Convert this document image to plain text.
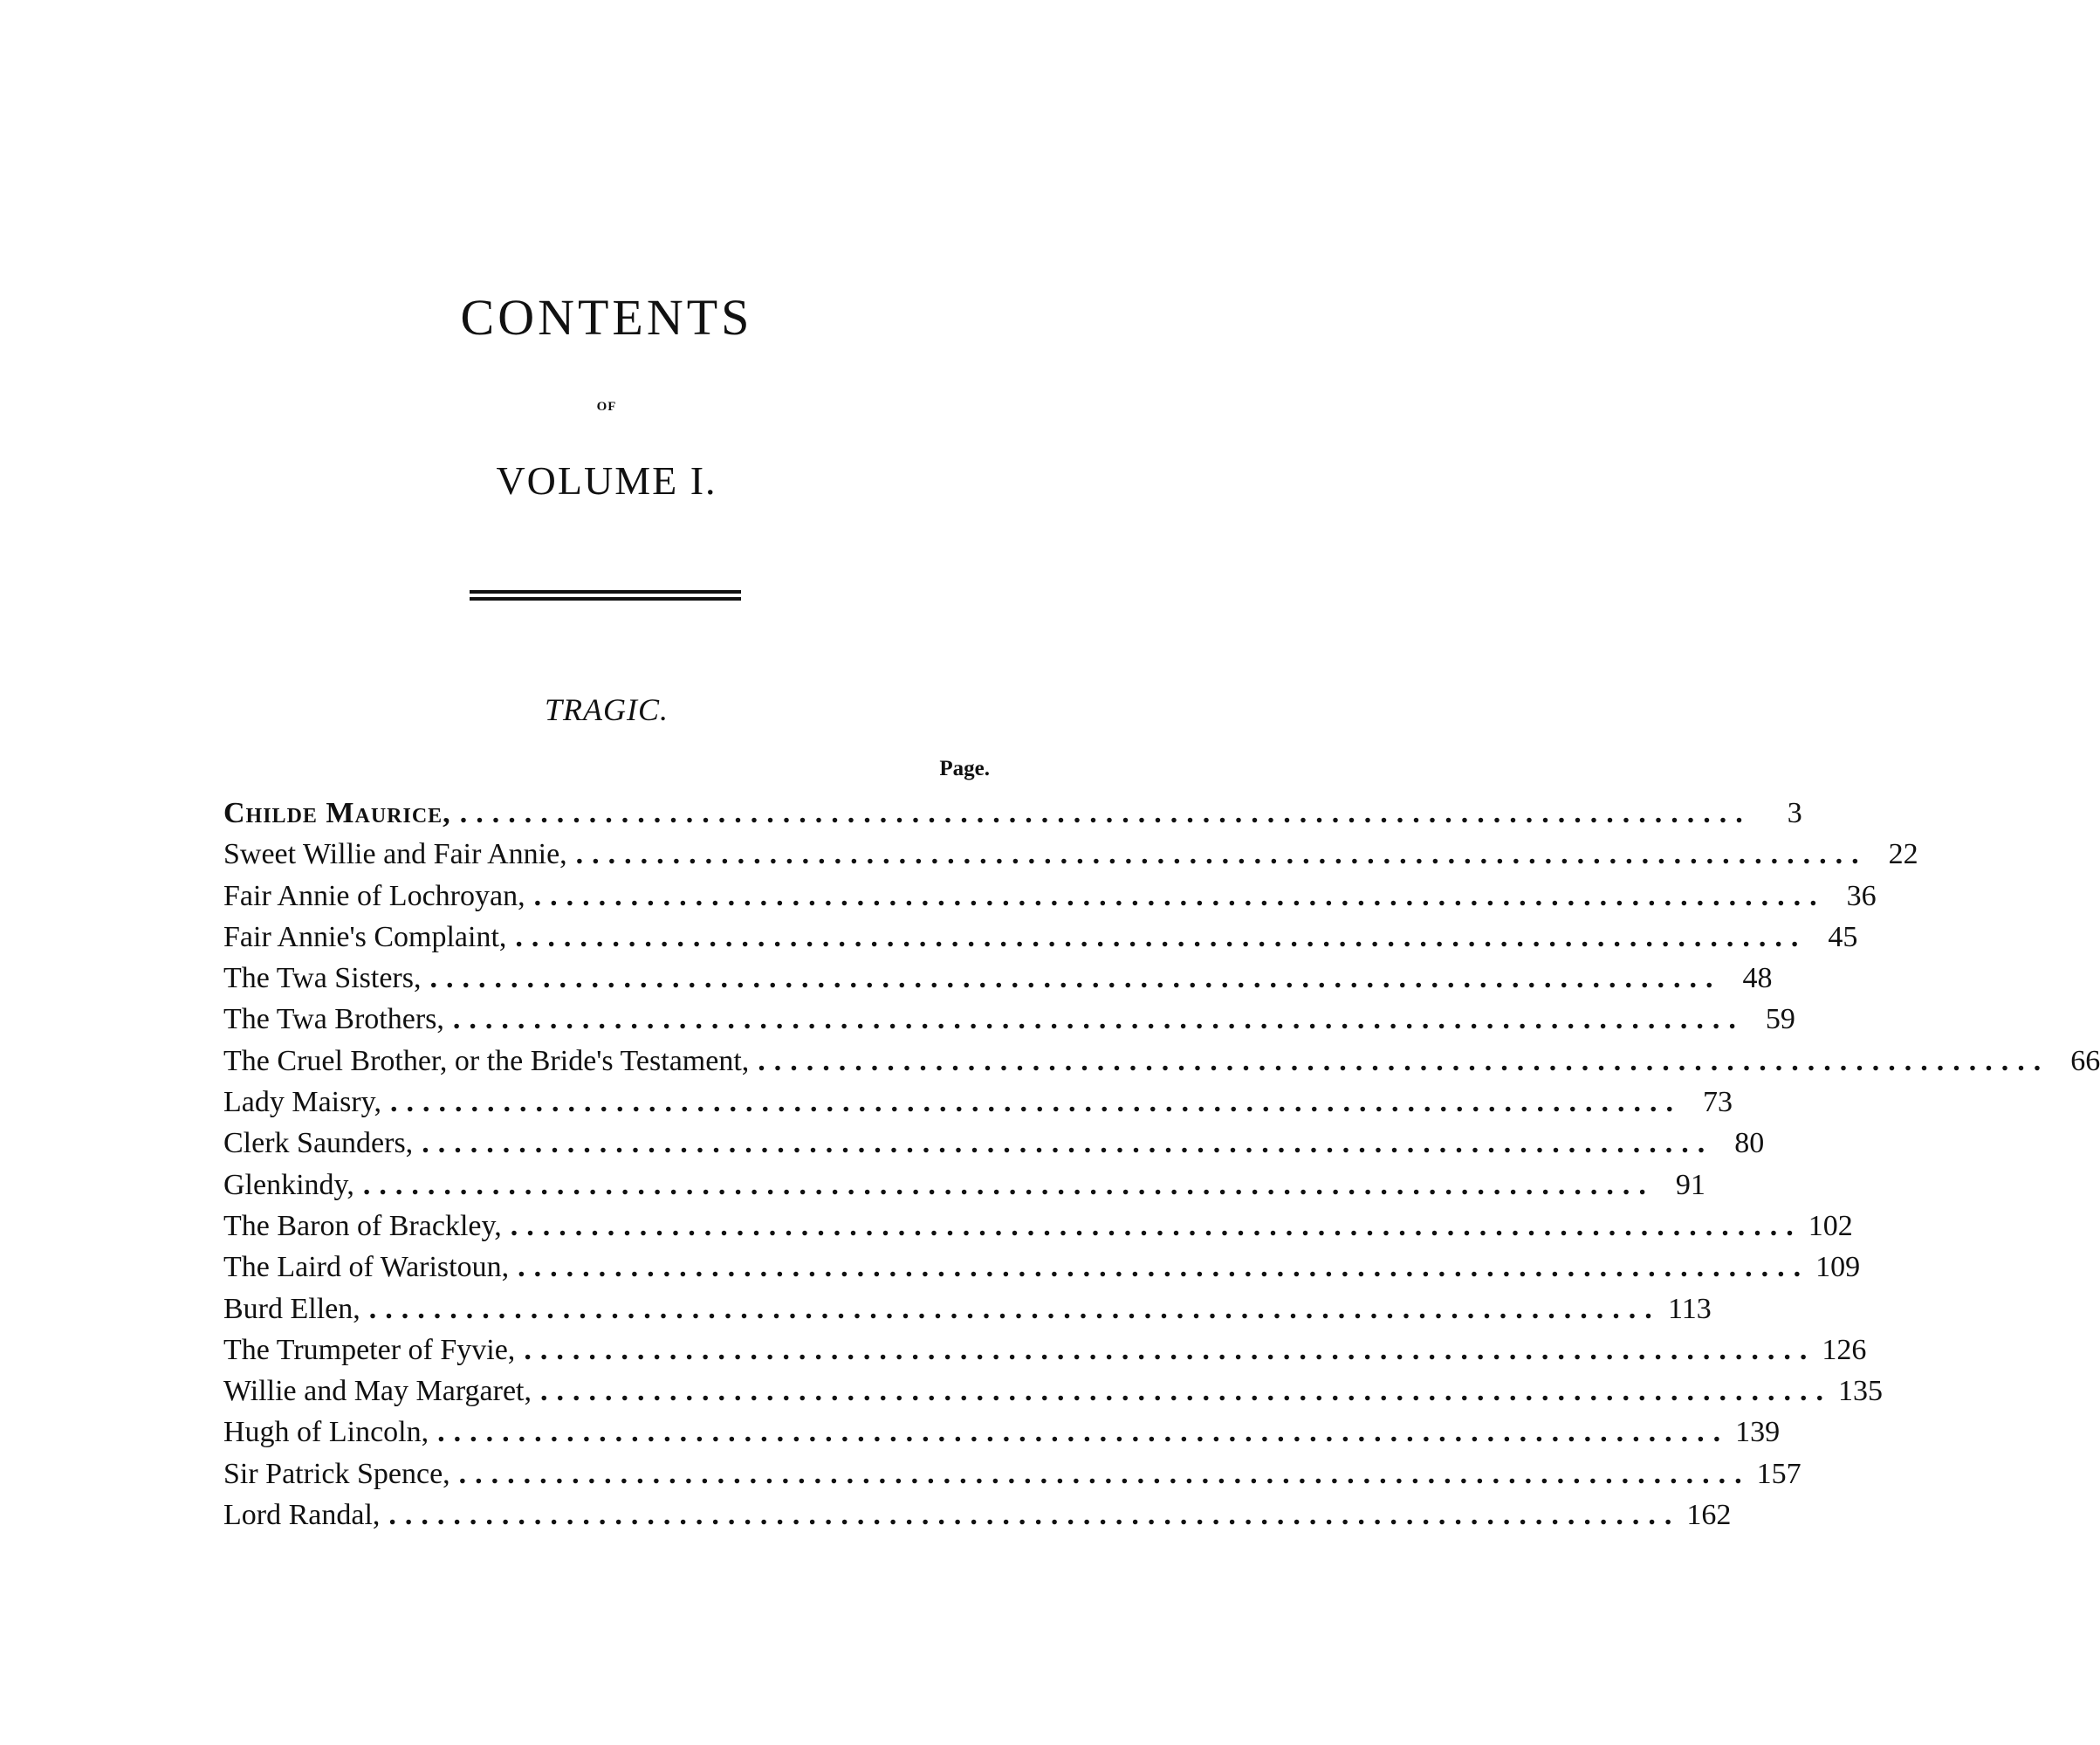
CONTENTS
OF
VOLUME I.
TRAGIC.
Page.
Childe Maurice, ................................................................................	3
Sweet Willie and Fair Annie, ................................................................................ 22
Fair Annie of Lochroyan, ................................................................................ 36
Fair Annie's Complaint, ................................................................................ 45
The Twa Sisters, ................................................................................ 48
The Twa Brothers, ................................................................................ 59
The Cruel Brother, or the Bride's Testament, ................................................................................ 66
Lady Maisry, ................................................................................ 73
Clerk Saunders, ................................................................................ 80
Glenkindy, ................................................................................ 91
The Baron of Brackley, ................................................................................ 102
The Laird of Waristoun, ................................................................................ 109
Burd Ellen, ................................................................................ 113
The Trumpeter of Fyvie, ................................................................................ 126
Willie and May Margaret, ................................................................................ 135
Hugh of Lincoln, ................................................................................ 139
Sir Patrick Spence, ................................................................................ 157
Lord Randal, ................................................................................ 162
